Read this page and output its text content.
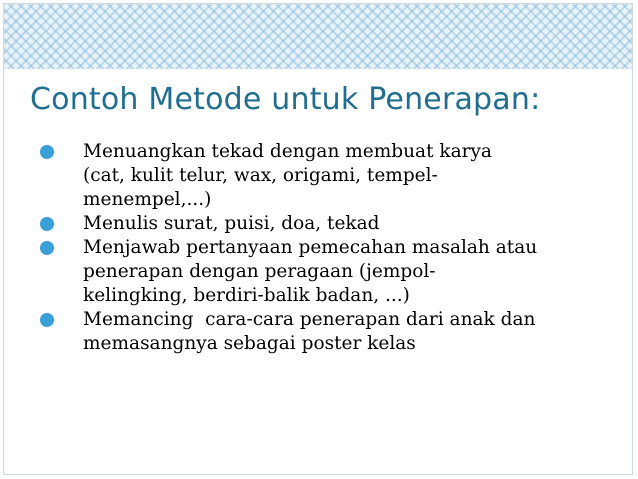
Contoh Metode untuk Penerapan:
Menuangkan tekad dengan membuat karya
(cat, kulit telur, wax, origami, tempel-
menempel,...)
Menulis surat, puisi, doa, tekad
Menjawab pertanyaan pemecahan masalah atau
penerapan dengan peragaan (jempol-
kelingking, berdiri-balik badan, ...)
Memancing  cara-cara penerapan dari anak dan
memasangnya sebagai poster kelas
